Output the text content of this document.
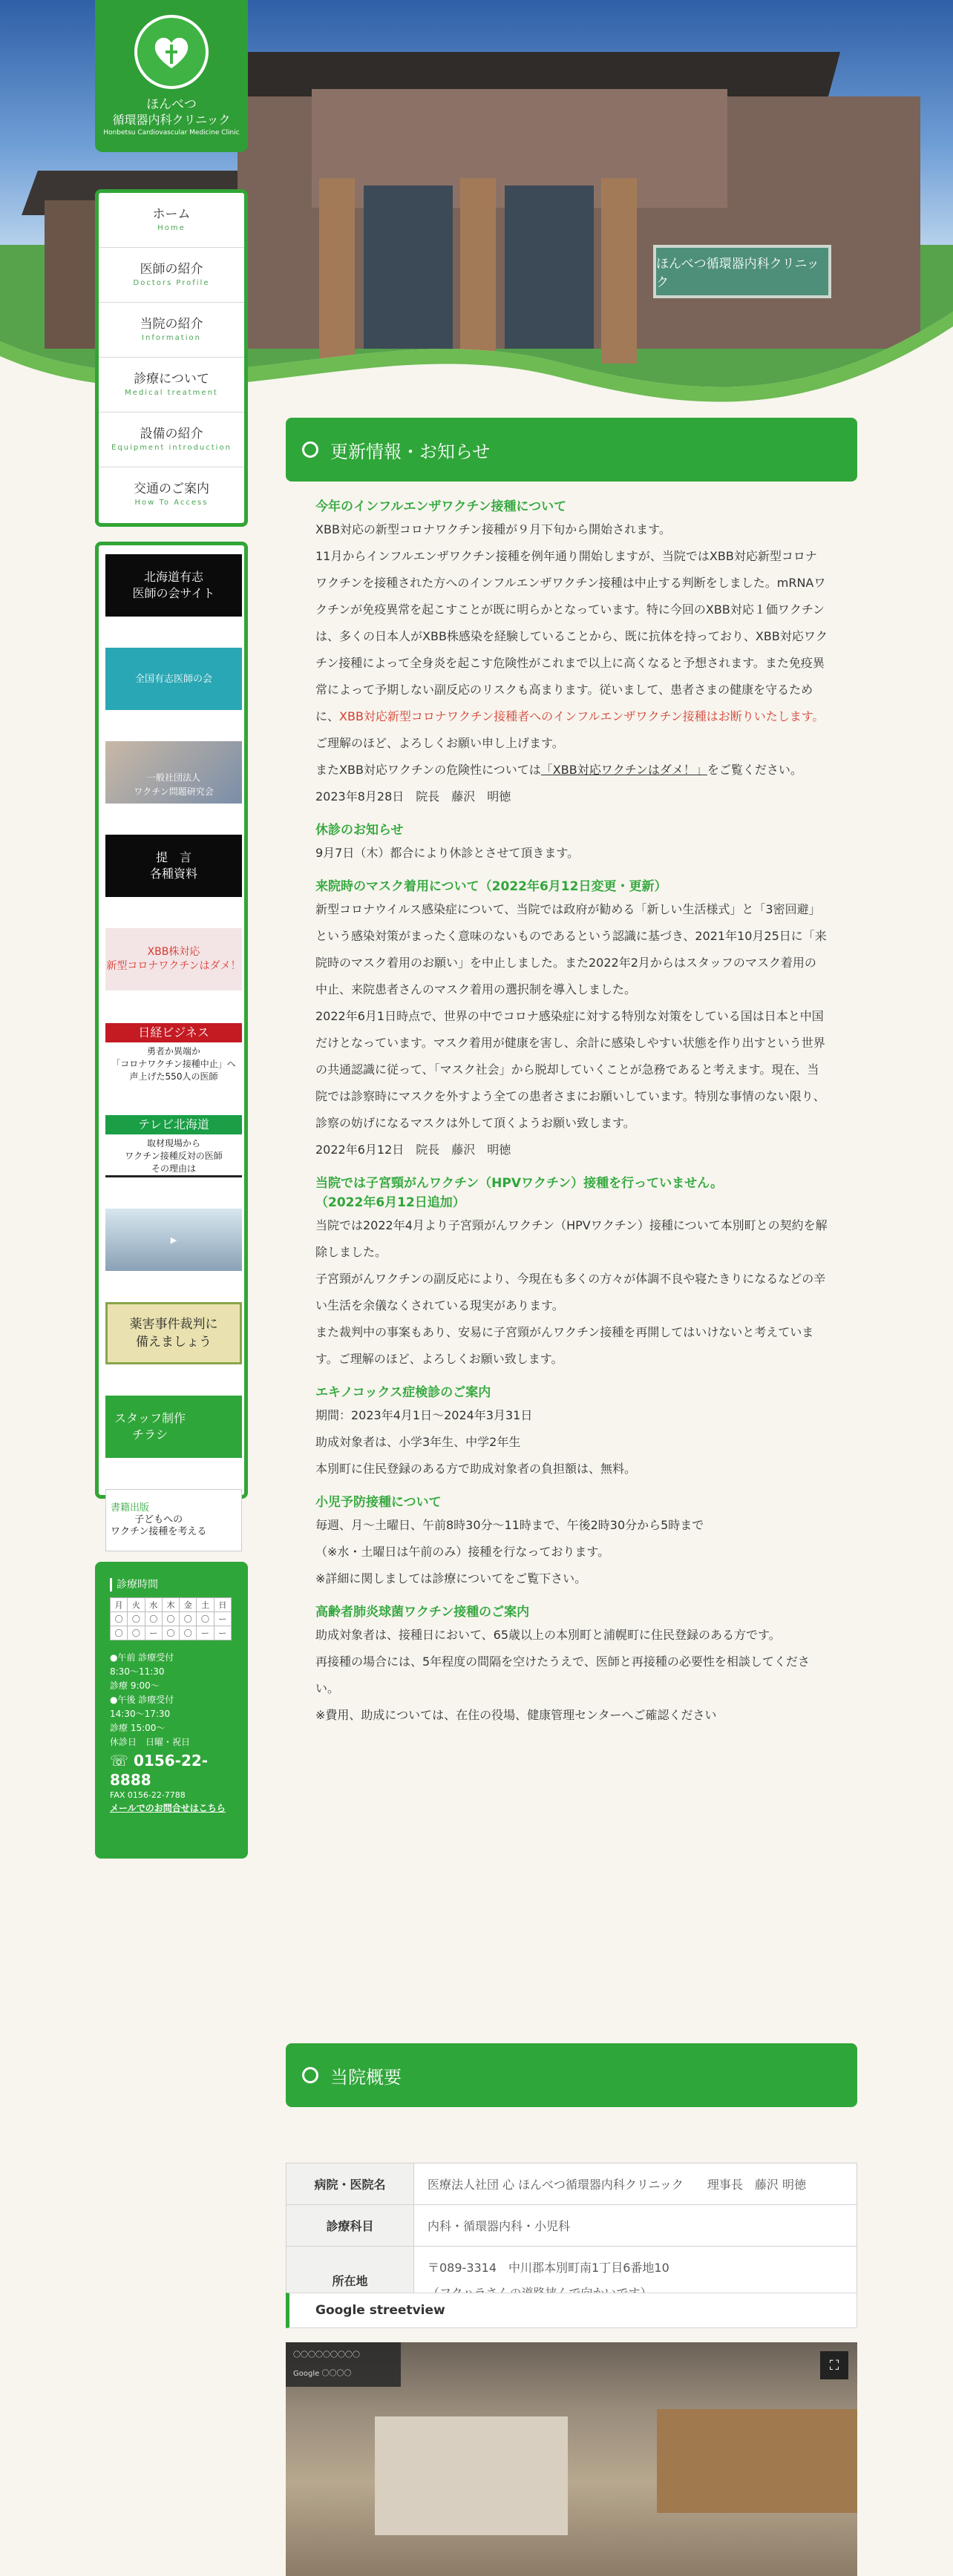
ほんべつ循環器内科クリニック
ほんべつ
循環器内科クリニック
Honbetsu Cardiovascular Medicine Clinic
ホーム
Home
医師の紹介
Doctors Profile
当院の紹介
Information
診療について
Medical treatment
設備の紹介
Equipment introduction
交通のご案内
How To Access
北海道有志
医師の会サイト
全国有志医師の会
一般社団法人
ワクチン問題研究会
提　言
各種資料
XBB株対応
新型コロナワクチンはダメ！
日経ビジネス
勇者か異端か
「コロナワクチン接種中止」へ
声上げた550人の医師
テレビ北海道
取材現場から
ワクチン接種反対の医師
その理由は
▶
薬害事件裁判に
備えましょう
スタッフ制作
チラシ
書籍出版
子どもへの
ワクチン接種を考える
診療時間
月	火	水	木	金	土	日
〇	〇	〇	〇	〇	〇	ー
〇	〇	ー	〇	〇	ー	ー
●午前 診療受付
8:30〜11:30
診療 9:00〜
●午後 診療受付
14:30〜17:30
診療 15:00〜
休診日　日曜・祝日
☏ 0156-22-8888
FAX 0156-22-7788
メールでのお問合せはこちら
更新情報・お知らせ
今年のインフルエンザワクチン接種について

XBB対応の新型コロナワクチン接種が９月下旬から開始されます。

11月からインフルエンザワクチン接種を例年通り開始しますが、当院ではXBB対応新型コロナワクチンを接種された方へのインフルエンザワクチン接種は中止する判断をしました。mRNAワクチンが免疫異常を起こすことが既に明らかとなっています。特に今回のXBB対応１価ワクチンは、多くの日本人がXBB株感染を経験していることから、既に抗体を持っており、XBB対応ワクチン接種によって全身炎を起こす危険性がこれまで以上に高くなると予想されます。また免疫異常によって予期しない副反応のリスクも高まります。従いまして、患者さまの健康を守るために、XBB対応新型コロナワクチン接種者へのインフルエンザワクチン接種はお断りいたします。

ご理解のほど、よろしくお願い申し上げます。

またXBB対応ワクチンの危険性については「XBB対応ワクチンはダメ！」をご覧ください。

2023年8月28日　院長　藤沢　明徳

休診のお知らせ

9月7日（木）都合により休診とさせて頂きます。

来院時のマスク着用について（2022年6月12日変更・更新）

新型コロナウイルス感染症について、当院では政府が勧める「新しい生活様式」と「3密回避」という感染対策がまったく意味のないものであるという認識に基づき、2021年10月25日に「来院時のマスク着用のお願い」を中止しました。また2022年2月からはスタッフのマスク着用の中止、来院患者さんのマスク着用の選択制を導入しました。

2022年6月1日時点で、世界の中でコロナ感染症に対する特別な対策をしている国は日本と中国だけとなっています。マスク着用が健康を害し、余計に感染しやすい状態を作り出すという世界の共通認識に従って、「マスク社会」から脱却していくことが急務であると考えます。現在、当院では診察時にマスクを外すよう全ての患者さまにお願いしています。特別な事情のない限り、診察の妨げになるマスクは外して頂くようお願い致します。

2022年6月12日　院長　藤沢　明徳

当院では子宮頸がんワクチン（HPVワクチン）接種を行っていません。
（2022年6月12日追加）

当院では2022年4月より子宮頸がんワクチン（HPVワクチン）接種について本別町との契約を解除しました。

子宮頸がんワクチンの副反応により、今現在も多くの方々が体調不良や寝たきりになるなどの辛い生活を余儀なくされている現実があります。

また裁判中の事案もあり、安易に子宮頸がんワクチン接種を再開してはいけないと考えています。ご理解のほど、よろしくお願い致します。

エキノコックス症検診のご案内

期間：2023年4月1日〜2024年3月31日

助成対象者は、小学3年生、中学2年生

本別町に住民登録のある方で助成対象者の負担額は、無料。

小児予防接種について

毎週、月〜土曜日、午前8時30分〜11時まで、午後2時30分から5時まで

（※水・土曜日は午前のみ）接種を行なっております。

※詳細に関しましては診療についてをご覧下さい。

高齢者肺炎球菌ワクチン接種のご案内

助成対象者は、接種日において、65歳以上の本別町と浦幌町に住民登録のある方です。

再接種の場合には、5年程度の間隔を空けたうえで、医師と再接種の必要性を相談してください。

※費用、助成については、在住の役場、健康管理センターへご確認ください

当院概要
病院・医院名	医療法人社団 心 ほんべつ循環器内科クリニック　　理事長　藤沢 明徳
診療科目	内科・循環器内科・小児科
所在地	〒089-3314　中川郡本別町南1丁目6番地10
Google streetview
〇〇〇〇〇〇〇〇〇
Google 〇〇〇〇
⛶
